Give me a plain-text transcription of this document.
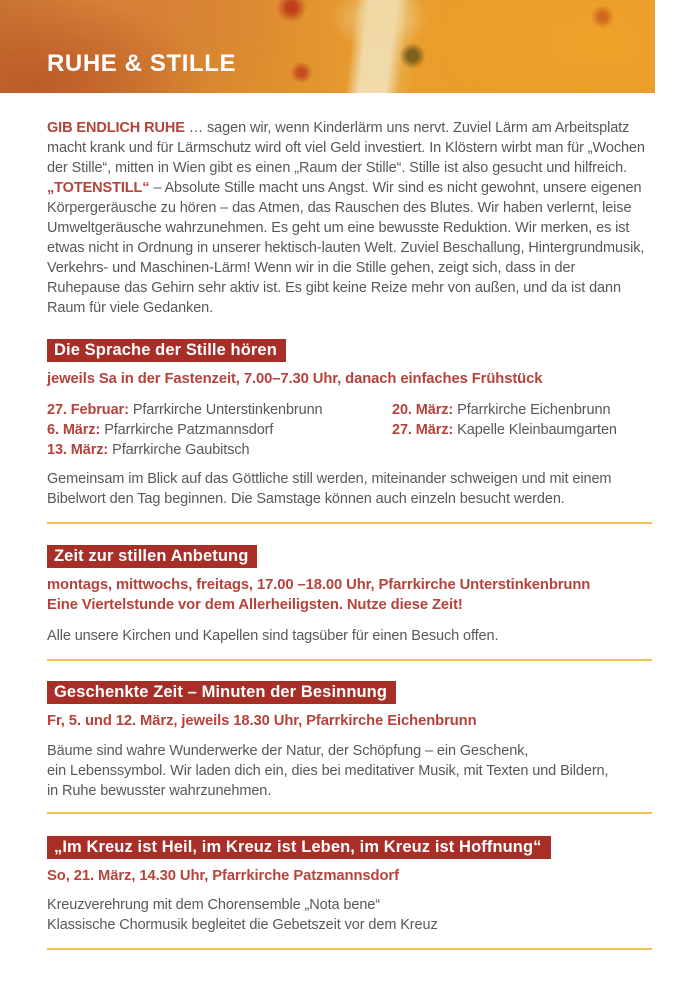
RUHE & STILLE

GIB ENDLICH RUHE … sagen wir, wenn Kinderlärm uns nervt. Zuviel Lärm am Arbeitsplatz macht krank und für Lärmschutz wird oft viel Geld investiert. In Klöstern wirbt man für „Wochen der Stille“, mitten in Wien gibt es einen „Raum der Stille“. Stille ist also gesucht und hilfreich. „TOTENSTILL“ – Absolute Stille macht uns Angst. Wir sind es nicht gewohnt, unsere eigenen Körpergeräusche zu hören – das Atmen, das Rauschen des Blutes. Wir haben verlernt, leise Umweltgeräusche wahrzunehmen. Es geht um eine bewusste Reduktion. Wir merken, es ist etwas nicht in Ordnung in unserer hektisch-lauten Welt. Zuviel Beschallung, Hintergrundmusik, Verkehrs- und Maschinen-Lärm! Wenn wir in die Stille gehen, zeigt sich, dass in der Ruhepause das Gehirn sehr aktiv ist. Es gibt keine Reize mehr von außen, und da ist dann Raum für viele Gedanken.

Die Sprache der Stille hören

jeweils Sa in der Fastenzeit, 7.00–7.30 Uhr, danach einfaches Frühstück

27. Februar: Pfarrkirche Unterstinkenbrunn
6. März: Pfarrkirche Patzmannsdorf
13. März: Pfarrkirche Gaubitsch
20. März: Pfarrkirche Eichenbrunn
27. März: Kapelle Kleinbaumgarten

Gemeinsam im Blick auf das Göttliche still werden, miteinander schweigen und mit einem Bibelwort den Tag beginnen. Die Samstage können auch einzeln besucht werden.

Zeit zur stillen Anbetung

montags, mittwochs, freitags, 17.00 –18.00 Uhr, Pfarrkirche Unterstinkenbrunn
Eine Viertelstunde vor dem Allerheiligsten. Nutze diese Zeit!

Alle unsere Kirchen und Kapellen sind tagsüber für einen Besuch offen.

Geschenkte Zeit – Minuten der Besinnung

Fr, 5. und 12. März, jeweils 18.30 Uhr, Pfarrkirche Eichenbrunn

Bäume sind wahre Wunderwerke der Natur, der Schöpfung – ein Geschenk,
ein Lebenssymbol. Wir laden dich ein, dies bei meditativer Musik, mit Texten und Bildern,
in Ruhe bewusster wahrzunehmen.

„Im Kreuz ist Heil, im Kreuz ist Leben, im Kreuz ist Hoffnung“

So, 21. März, 14.30 Uhr, Pfarrkirche Patzmannsdorf

Kreuzverehrung mit dem Chorensemble „Nota bene“
Klassische Chormusik begleitet die Gebetszeit vor dem Kreuz
